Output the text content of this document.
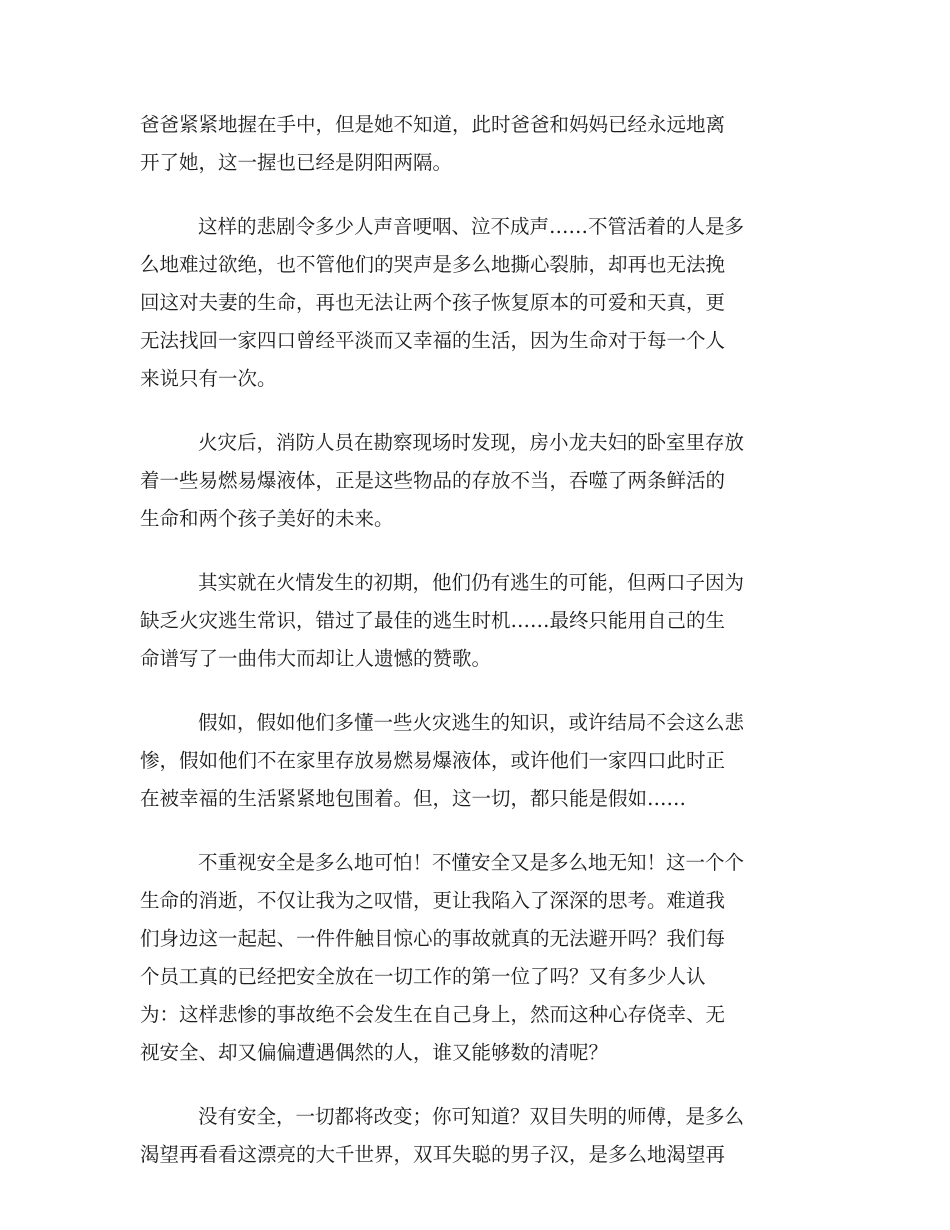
爸爸紧紧地握在手中，但是她不知道，此时爸爸和妈妈已经永远地离
开了她，这一握也已经是阴阳两隔。

这样的悲剧令多少人声音哽咽、泣不成声……不管活着的人是多
么地难过欲绝，也不管他们的哭声是多么地撕心裂肺，却再也无法挽
回这对夫妻的生命，再也无法让两个孩子恢复原本的可爱和天真，更
无法找回一家四口曾经平淡而又幸福的生活，因为生命对于每一个人
来说只有一次。

火灾后，消防人员在勘察现场时发现，房小龙夫妇的卧室里存放
着一些易燃易爆液体，正是这些物品的存放不当，吞噬了两条鲜活的
生命和两个孩子美好的未来。

其实就在火情发生的初期，他们仍有逃生的可能，但两口子因为
缺乏火灾逃生常识，错过了最佳的逃生时机……最终只能用自己的生
命谱写了一曲伟大而却让人遗憾的赞歌。

假如，假如他们多懂一些火灾逃生的知识，或许结局不会这么悲
惨，假如他们不在家里存放易燃易爆液体，或许他们一家四口此时正
在被幸福的生活紧紧地包围着。但，这一切，都只能是假如……

不重视安全是多么地可怕！不懂安全又是多么地无知！这一个个
生命的消逝，不仅让我为之叹惜，更让我陷入了深深的思考。难道我
们身边这一起起、一件件触目惊心的事故就真的无法避开吗？我们每
个员工真的已经把安全放在一切工作的第一位了吗？又有多少人认
为：这样悲惨的事故绝不会发生在自己身上，然而这种心存侥幸、无
视安全、却又偏偏遭遇偶然的人，谁又能够数的清呢？

没有安全，一切都将改变；你可知道？双目失明的师傅，是多么
渴望再看看这漂亮的大千世界，双耳失聪的男子汉，是多么地渴望再
